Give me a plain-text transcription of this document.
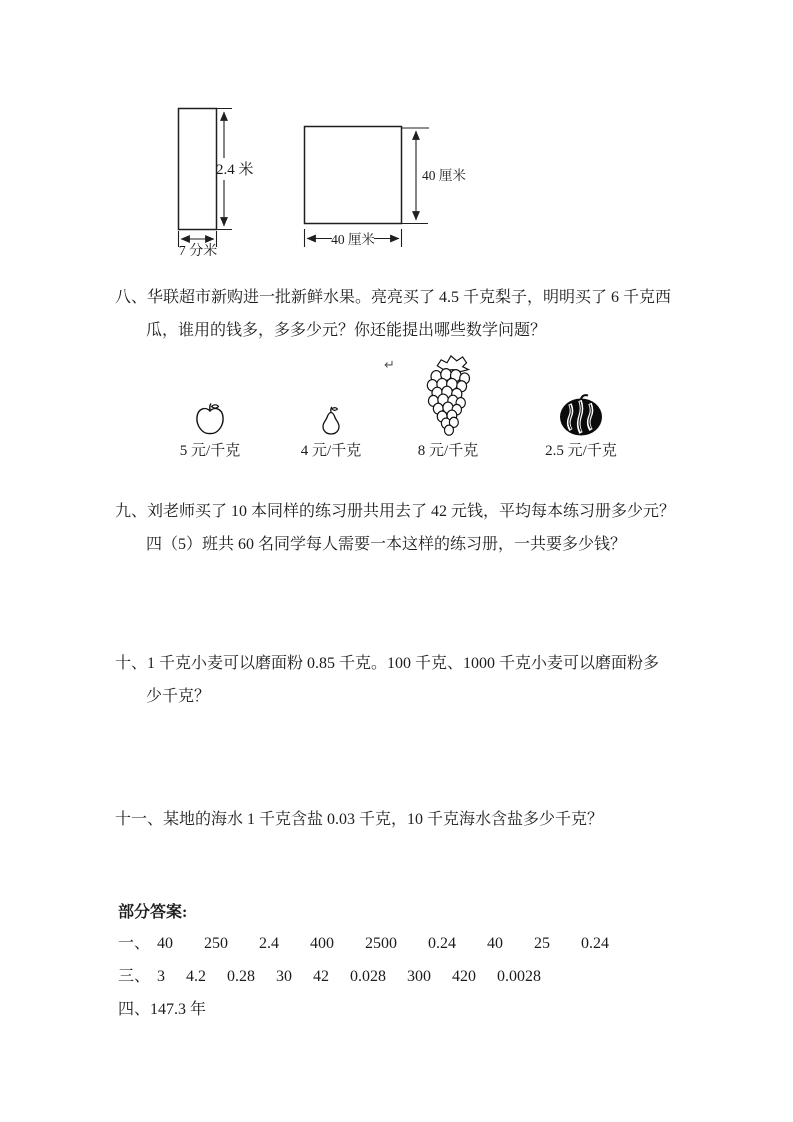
2.4 米
7 分米
40 厘米
40 厘米
八、华联超市新购进一批新鲜水果。亮亮买了 4.5 千克梨子，明明买了 6 千克西
瓜，谁用的钱多，多多少元？你还能提出哪些数学问题？
↵
5 元/千克	4 元/千克	8 元/千克	2.5 元/千克
九、刘老师买了 10 本同样的练习册共用去了 42 元钱，平均每本练习册多少元？
四（5）班共 60 名同学每人需要一本这样的练习册，一共要多少钱？
十、1 千克小麦可以磨面粉 0.85 千克。100 千克、1000 千克小麦可以磨面粉多
少千克？
十一、某地的海水 1 千克含盐 0.03 千克，10 千克海水含盐多少千克？
部分答案:
一、 40 250 2.4 400 2500 0.24 40 25 0.24
三、 3 4.2 0.28 30 42 0.028 300 420 0.0028
四、147.3 年
